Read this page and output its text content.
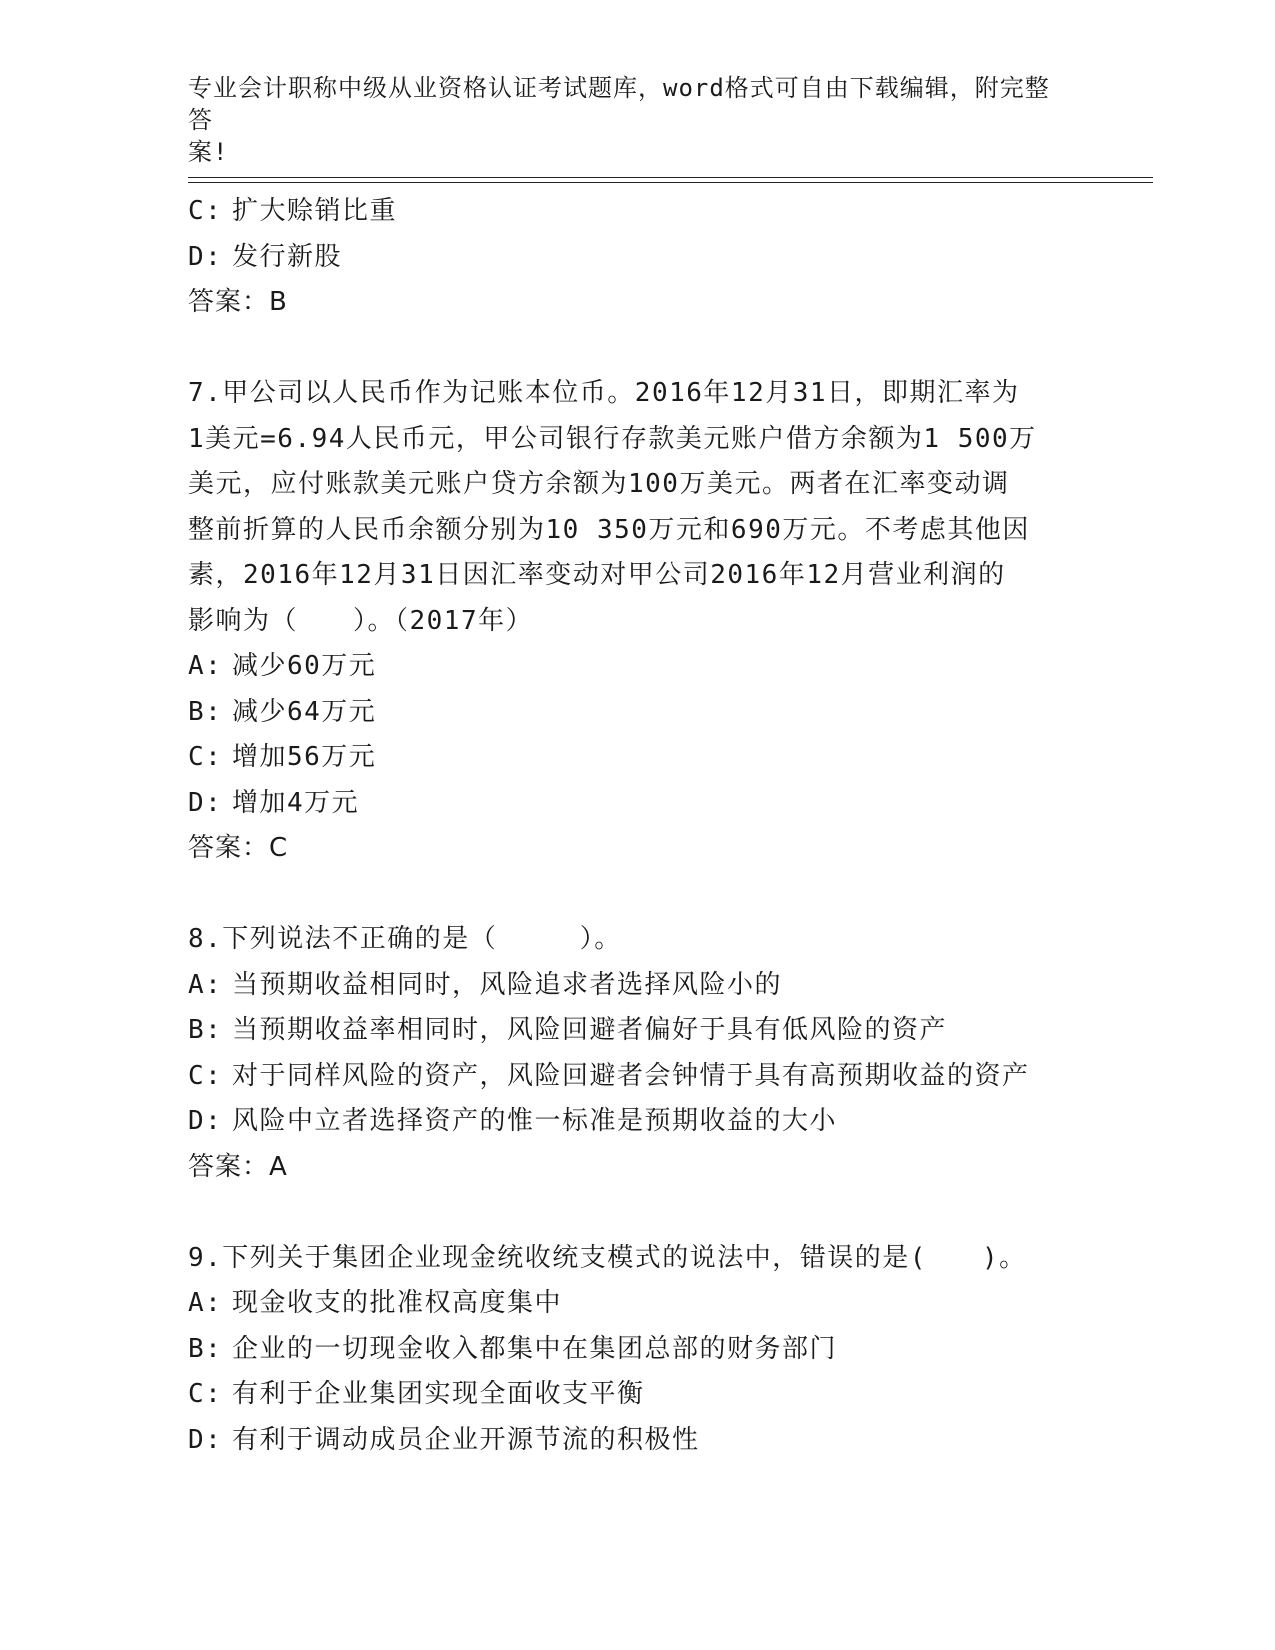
专业会计职称中级从业资格认证考试题库，word格式可自由下载编辑，附完整答
案!
C: 扩大赊销比重
D: 发行新股
答案：B
7.甲公司以人民币作为记账本位币。2016年12月31日，即期汇率为
1美元=6.94人民币元，甲公司银行存款美元账户借方余额为1 500万
美元，应付账款美元账户贷方余额为100万美元。两者在汇率变动调
整前折算的人民币余额分别为10 350万元和690万元。不考虑其他因
素，2016年12月31日因汇率变动对甲公司2016年12月营业利润的
影响为（　　）。（2017年）
A: 减少60万元
B: 减少64万元
C: 增加56万元
D: 增加4万元
答案：C
8.下列说法不正确的是（　　　）。
A: 当预期收益相同时，风险追求者选择风险小的
B: 当预期收益率相同时，风险回避者偏好于具有低风险的资产
C: 对于同样风险的资产，风险回避者会钟情于具有高预期收益的资产
D: 风险中立者选择资产的惟一标准是预期收益的大小
答案：A
9.下列关于集团企业现金统收统支模式的说法中，错误的是(　　)。
A: 现金收支的批准权高度集中
B: 企业的一切现金收入都集中在集团总部的财务部门
C: 有利于企业集团实现全面收支平衡
D: 有利于调动成员企业开源节流的积极性
